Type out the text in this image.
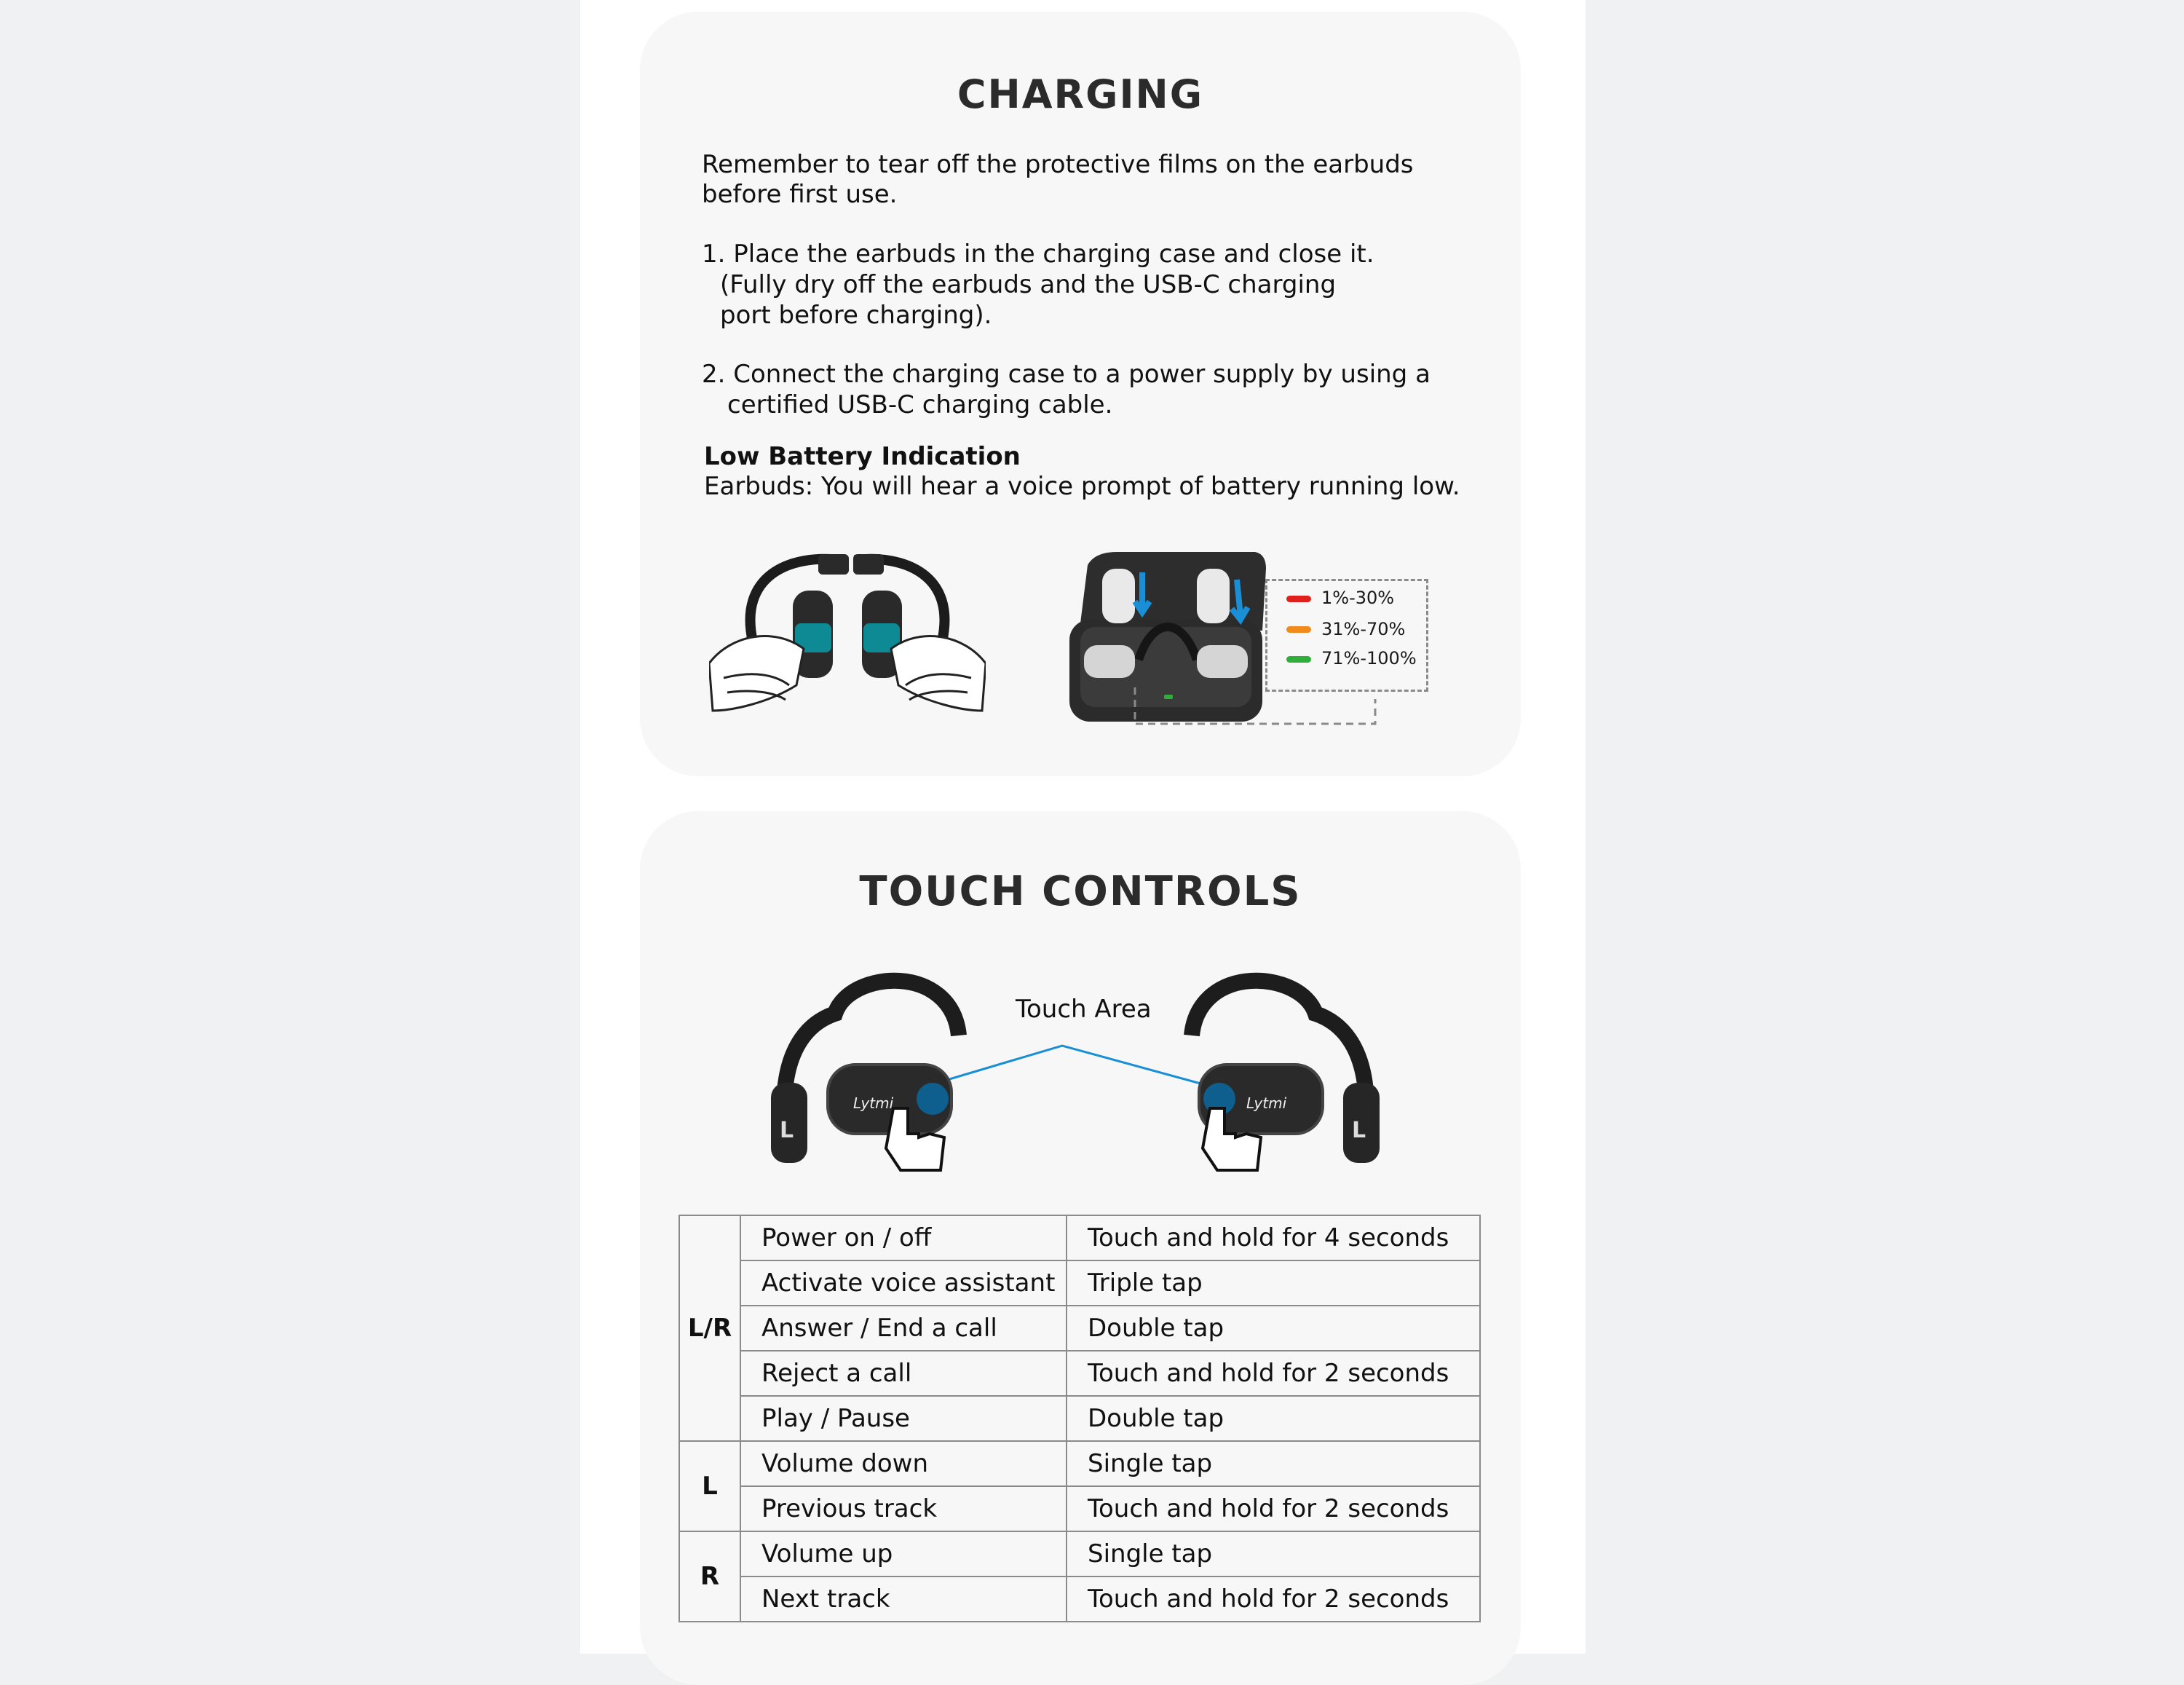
CHARGING
Remember to tear off the protective films on the earbuds
before first use.
1. Place the earbuds in the charging case and close it.
(Fully dry off the earbuds and the USB-C charging
port before charging).
2. Connect the charging case to a power supply by using a
certified USB-C charging cable.
Low Battery Indication
Earbuds: You will hear a voice prompt of battery running low.
1%-30%
31%-70%
71%-100%
TOUCH CONTROLS
Touch Area
L
Lytmi
L
Lytmi
L/R	Power on / off	Touch and hold for 4 seconds
	Activate voice assistant	Triple tap
	Answer / End a call	Double tap
	Reject a call	Touch and hold for 2 seconds
	Play / Pause	Double tap
L	Volume down	Single tap
	Previous track	Touch and hold for 2 seconds
R	Volume up	Single tap
	Next track	Touch and hold for 2 seconds
